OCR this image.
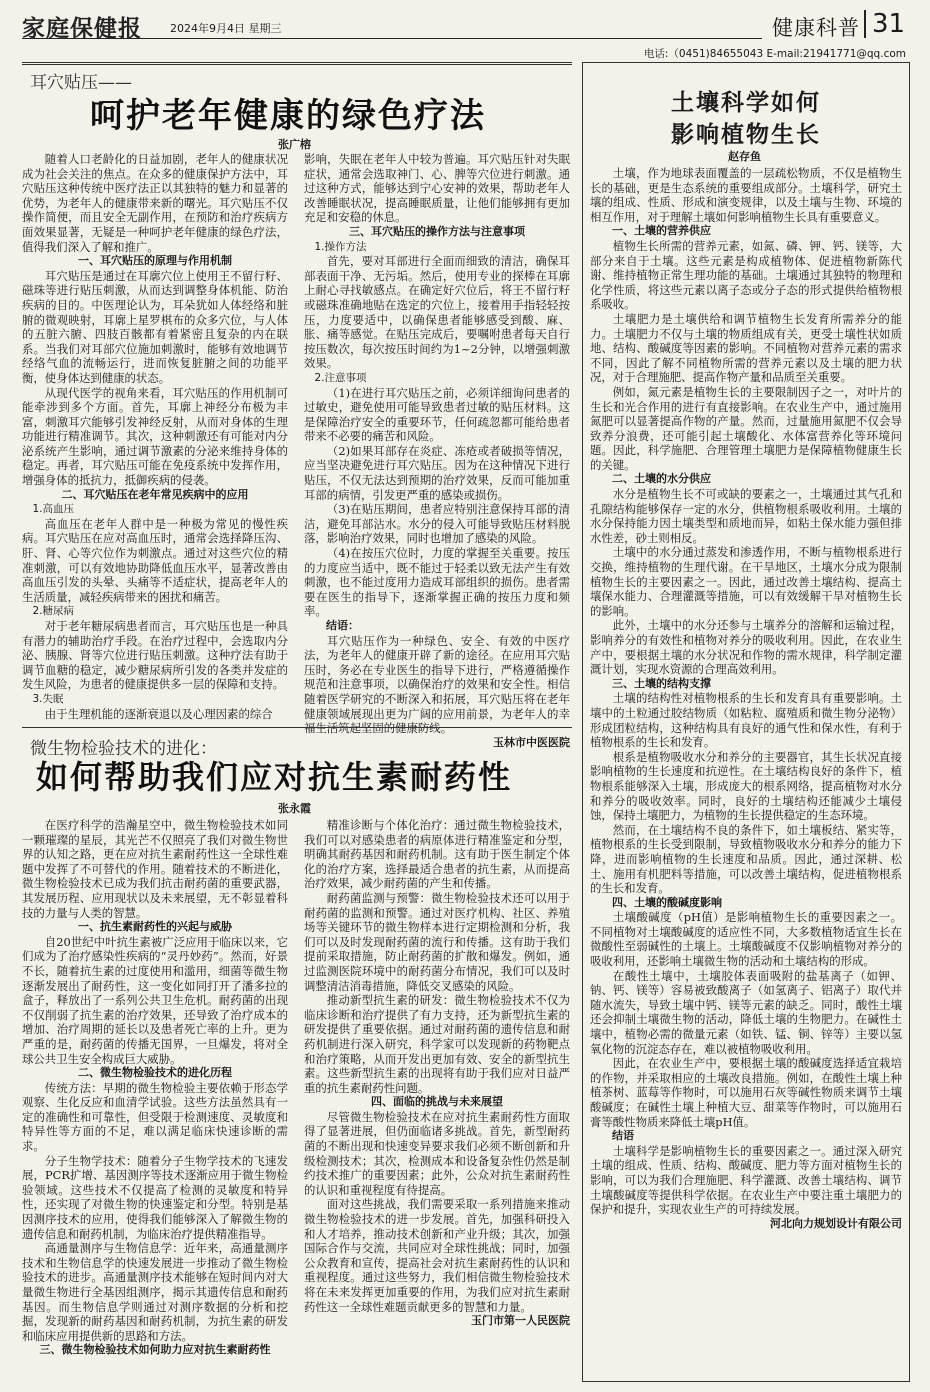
家庭保健报	2024年9月4日 星期三	健康科普 31
电话:（0451)84655043 E-mail:21941771@qq.com
耳穴贴压——
呵护老年健康的绿色疗法
张广榕

随着人口老龄化的日益加剧，老年人的健康状况成为社会关注的焦点。在众多的健康保护方法中，耳穴贴压这种传统中医疗法正以其独特的魅力和显著的优势，为老年人的健康带来新的曙光。耳穴贴压不仅操作简便，而且安全无副作用，在预防和治疗疾病方面效果显著，无疑是一种呵护老年健康的绿色疗法，值得我们深入了解和推广。

一、耳穴贴压的原理与作用机制

耳穴贴压是通过在耳廓穴位上使用王不留行籽、磁珠等进行贴压刺激，从而达到调整身体机能、防治疾病的目的。中医理论认为，耳朵犹如人体经络和脏腑的微观映射，耳廓上星罗棋布的众多穴位，与人体的五脏六腑、四肢百骸都有着紧密且复杂的内在联系。当我们对耳部穴位施加刺激时，能够有效地调节经络气血的流畅运行，进而恢复脏腑之间的功能平衡，使身体达到健康的状态。

从现代医学的视角来看，耳穴贴压的作用机制可能牵涉到多个方面。首先，耳廓上神经分布极为丰富，刺激耳穴能够引发神经反射，从而对身体的生理功能进行精准调节。其次，这种刺激还有可能对内分泌系统产生影响，通过调节激素的分泌来维持身体的稳定。再者，耳穴贴压可能在免疫系统中发挥作用，增强身体的抵抗力，抵御疾病的侵袭。

二、耳穴贴压在老年常见疾病中的应用

1.高血压

高血压在老年人群中是一种极为常见的慢性疾病。耳穴贴压在应对高血压时，通常会选择降压沟、肝、肾、心等穴位作为刺激点。通过对这些穴位的精准刺激，可以有效地协助降低血压水平，显著改善由高血压引发的头晕、头痛等不适症状，提高老年人的生活质量，减轻疾病带来的困扰和痛苦。

2.糖尿病

对于老年糖尿病患者而言，耳穴贴压也是一种具有潜力的辅助治疗手段。在治疗过程中，会选取内分泌、胰腺、肾等穴位进行贴压刺激。这种疗法有助于调节血糖的稳定，减少糖尿病所引发的各类并发症的发生风险，为患者的健康提供多一层的保障和支持。

3.失眠

由于生理机能的逐渐衰退以及心理因素的综合

影响，失眠在老年人中较为普遍。耳穴贴压针对失眠症状，通常会选取神门、心、脾等穴位进行刺激。通过这种方式，能够达到宁心安神的效果，帮助老年人改善睡眠状况，提高睡眠质量，让他们能够拥有更加充足和安稳的休息。

三、耳穴贴压的操作方法与注意事项

1.操作方法

首先，要对耳部进行全面而细致的清洁，确保耳部表面干净、无污垢。然后，使用专业的探棒在耳廓上耐心寻找敏感点。在确定好穴位后，将王不留行籽或磁珠准确地贴在选定的穴位上，接着用手指轻轻按压，力度要适中，以确保患者能够感受到酸、麻、胀、痛等感觉。在贴压完成后，要嘱咐患者每天自行按压数次，每次按压时间约为1~2分钟，以增强刺激效果。

2.注意事项

（1)在进行耳穴贴压之前，必须详细询问患者的过敏史，避免使用可能导致患者过敏的贴压材料。这是保障治疗安全的重要环节，任何疏忽都可能给患者带来不必要的痛苦和风险。

（2)如果耳部存在炎症、冻疮或者破损等情况，应当坚决避免进行耳穴贴压。因为在这种情况下进行贴压，不仅无法达到预期的治疗效果，反而可能加重耳部的病情，引发更严重的感染或损伤。

（3)在贴压期间，患者应特别注意保持耳部的清洁，避免耳部沾水。水分的侵入可能导致贴压材料脱落，影响治疗效果，同时也增加了感染的风险。

（4)在按压穴位时，力度的掌握至关重要。按压的力度应当适中，既不能过于轻柔以致无法产生有效刺激，也不能过度用力造成耳部组织的损伤。患者需要在医生的指导下，逐渐掌握正确的按压力度和频率。

结语：

耳穴贴压作为一种绿色、安全、有效的中医疗法，为老年人的健康开辟了新的途径。在应用耳穴贴压时，务必在专业医生的指导下进行，严格遵循操作规范和注意事项，以确保治疗的效果和安全性。相信随着医学研究的不断深入和拓展，耳穴贴压将在老年健康领域展现出更为广阔的应用前景，为老年人的幸福生活筑起坚固的健康防线。

玉林市中医医院

微生物检验技术的进化：
如何帮助我们应对抗生素耐药性
张永霞

在医疗科学的浩瀚星空中，微生物检验技术如同一颗璀璨的星辰，其光芒不仅照亮了我们对微生物世界的认知之路，更在应对抗生素耐药性这一全球性难题中发挥了不可替代的作用。随着技术的不断进化，微生物检验技术已成为我们抗击耐药菌的重要武器，其发展历程、应用现状以及未来展望，无不彰显着科技的力量与人类的智慧。

一、抗生素耐药性的兴起与威胁

自20世纪中叶抗生素被广泛应用于临床以来，它们成为了治疗感染性疾病的“灵丹妙药”。然而，好景不长，随着抗生素的过度使用和滥用，细菌等微生物逐渐发展出了耐药性，这一变化如同打开了潘多拉的盒子，释放出了一系列公共卫生危机。耐药菌的出现不仅削弱了抗生素的治疗效果，还导致了治疗成本的增加、治疗周期的延长以及患者死亡率的上升。更为严重的是，耐药菌的传播无国界，一旦爆发，将对全球公共卫生安全构成巨大威胁。

二、微生物检验技术的进化历程

传统方法：早期的微生物检验主要依赖于形态学观察、生化反应和血清学试验。这些方法虽然具有一定的准确性和可靠性，但受限于检测速度、灵敏度和特异性等方面的不足，难以满足临床快速诊断的需求。

分子生物学技术：随着分子生物学技术的飞速发展，PCR扩增、基因测序等技术逐渐应用于微生物检验领域。这些技术不仅提高了检测的灵敏度和特异性，还实现了对微生物的快速鉴定和分型。特别是基因测序技术的应用，使得我们能够深入了解微生物的遗传信息和耐药机制，为临床治疗提供精准指导。

高通量测序与生物信息学：近年来，高通量测序技术和生物信息学的快速发展进一步推动了微生物检验技术的进步。高通量测序技术能够在短时间内对大量微生物进行全基因组测序，揭示其遗传信息和耐药基因。而生物信息学则通过对测序数据的分析和挖掘，发现新的耐药基因和耐药机制，为抗生素的研发和临床应用提供新的思路和方法。

三、微生物检验技术如何助力应对抗生素耐药性

精准诊断与个体化治疗：通过微生物检验技术，我们可以对感染患者的病原体进行精准鉴定和分型，明确其耐药基因和耐药机制。这有助于医生制定个体化的治疗方案，选择最适合患者的抗生素，从而提高治疗效果，减少耐药菌的产生和传播。

耐药菌监测与预警：微生物检验技术还可以用于耐药菌的监测和预警。通过对医疗机构、社区、养殖场等关键环节的微生物样本进行定期检测和分析，我们可以及时发现耐药菌的流行和传播。这有助于我们提前采取措施，防止耐药菌的扩散和爆发。例如，通过监测医院环境中的耐药菌分布情况，我们可以及时调整清洁消毒措施，降低交叉感染的风险。

推动新型抗生素的研发：微生物检验技术不仅为临床诊断和治疗提供了有力支持，还为新型抗生素的研发提供了重要依据。通过对耐药菌的遗传信息和耐药机制进行深入研究，科学家可以发现新的药物靶点和治疗策略，从而开发出更加有效、安全的新型抗生素。这些新型抗生素的出现将有助于我们应对日益严重的抗生素耐药性问题。

四、面临的挑战与未来展望

尽管微生物检验技术在应对抗生素耐药性方面取得了显著进展，但仍面临诸多挑战。首先，新型耐药菌的不断出现和快速变异要求我们必须不断创新和升级检测技术；其次，检测成本和设备复杂性仍然是制约技术推广的重要因素；此外，公众对抗生素耐药性的认识和重视程度有待提高。

面对这些挑战，我们需要采取一系列措施来推动微生物检验技术的进一步发展。首先，加强科研投入和人才培养，推动技术创新和产业升级；其次，加强国际合作与交流，共同应对全球性挑战；同时，加强公众教育和宣传，提高社会对抗生素耐药性的认识和重视程度。通过这些努力，我们相信微生物检验技术将在未来发挥更加重要的作用，为我们应对抗生素耐药性这一全球性难题贡献更多的智慧和力量。

玉门市第一人民医院

土壤科学如何
影响植物生长
赵存鱼

土壤，作为地球表面覆盖的一层疏松物质，不仅是植物生长的基础，更是生态系统的重要组成部分。土壤科学，研究土壤的组成、性质、形成和演变规律，以及土壤与生物、环境的相互作用，对于理解土壤如何影响植物生长具有重要意义。

一、土壤的营养供应

植物生长所需的营养元素，如氮、磷、钾、钙、镁等，大部分来自于土壤。这些元素是构成植物体、促进植物新陈代谢、维持植物正常生理功能的基础。土壤通过其独特的物理和化学性质，将这些元素以离子态或分子态的形式提供给植物根系吸收。

土壤肥力是土壤供给和调节植物生长发育所需养分的能力。土壤肥力不仅与土壤的物质组成有关，更受土壤性状如质地、结构、酸碱度等因素的影响。不同植物对营养元素的需求不同，因此了解不同植物所需的营养元素以及土壤的肥力状况，对于合理施肥、提高作物产量和品质至关重要。

例如，氮元素是植物生长的主要限制因子之一，对叶片的生长和光合作用的进行有直接影响。在农业生产中，通过施用氮肥可以显著提高作物的产量。然而，过量施用氮肥不仅会导致养分浪费，还可能引起土壤酸化、水体富营养化等环境问题。因此，科学施肥、合理管理土壤肥力是保障植物健康生长的关键。

二、土壤的水分供应

水分是植物生长不可或缺的要素之一，土壤通过其气孔和孔隙结构能够保存一定的水分，供植物根系吸收利用。土壤的水分保持能力因土壤类型和质地而异，如粘土保水能力强但排水性差，砂土则相反。

土壤中的水分通过蒸发和渗透作用，不断与植物根系进行交换，维持植物的生理代谢。在干旱地区，土壤水分成为限制植物生长的主要因素之一。因此，通过改善土壤结构、提高土壤保水能力、合理灌溉等措施，可以有效缓解干旱对植物生长的影响。

此外，土壤中的水分还参与土壤养分的溶解和运输过程，影响养分的有效性和植物对养分的吸收利用。因此，在农业生产中，要根据土壤的水分状况和作物的需水规律，科学制定灌溉计划，实现水资源的合理高效利用。

三、土壤的结构支撑

土壤的结构性对植物根系的生长和发育具有重要影响。土壤中的土粒通过胶结物质（如粘粒、腐殖质和微生物分泌物）形成团粒结构，这种结构具有良好的通气性和保水性，有利于植物根系的生长和发育。

根系是植物吸收水分和养分的主要器官，其生长状况直接影响植物的生长速度和抗逆性。在土壤结构良好的条件下，植物根系能够深入土壤，形成庞大的根系网络，提高植物对水分和养分的吸收效率。同时，良好的土壤结构还能减少土壤侵蚀，保持土壤肥力，为植物的生长提供稳定的生态环境。

然而，在土壤结构不良的条件下，如土壤板结、紧实等，植物根系的生长受到限制，导致植物吸收水分和养分的能力下降，进而影响植物的生长速度和品质。因此，通过深耕、松土、施用有机肥料等措施，可以改善土壤结构，促进植物根系的生长和发育。

四、土壤的酸碱度影响

土壤酸碱度（pH值）是影响植物生长的重要因素之一。不同植物对土壤酸碱度的适应性不同，大多数植物适宜生长在微酸性至弱碱性的土壤上。土壤酸碱度不仅影响植物对养分的吸收利用，还影响土壤微生物的活动和土壤结构的形成。

在酸性土壤中，土壤胶体表面吸附的盐基离子（如钾、钠、钙、镁等）容易被致酸离子（如氢离子、铝离子）取代并随水流失，导致土壤中钙、镁等元素的缺乏。同时，酸性土壤还会抑制土壤微生物的活动，降低土壤的生物肥力。在碱性土壤中，植物必需的微量元素（如铁、锰、铜、锌等）主要以氢氧化物的沉淀态存在，难以被植物吸收利用。

因此，在农业生产中，要根据土壤的酸碱度选择适宜栽培的作物，并采取相应的土壤改良措施。例如，在酸性土壤上种植茶树、蓝莓等作物时，可以施用石灰等碱性物质来调节土壤酸碱度；在碱性土壤上种植大豆、甜菜等作物时，可以施用石膏等酸性物质来降低土壤pH值。

结语

土壤科学是影响植物生长的重要因素之一。通过深入研究土壤的组成、性质、结构、酸碱度、肥力等方面对植物生长的影响，可以为我们合理施肥、科学灌溉、改善土壤结构、调节土壤酸碱度等提供科学依据。在农业生产中要注重土壤肥力的保护和提升，实现农业生产的可持续发展。

河北向力规划设计有限公司
